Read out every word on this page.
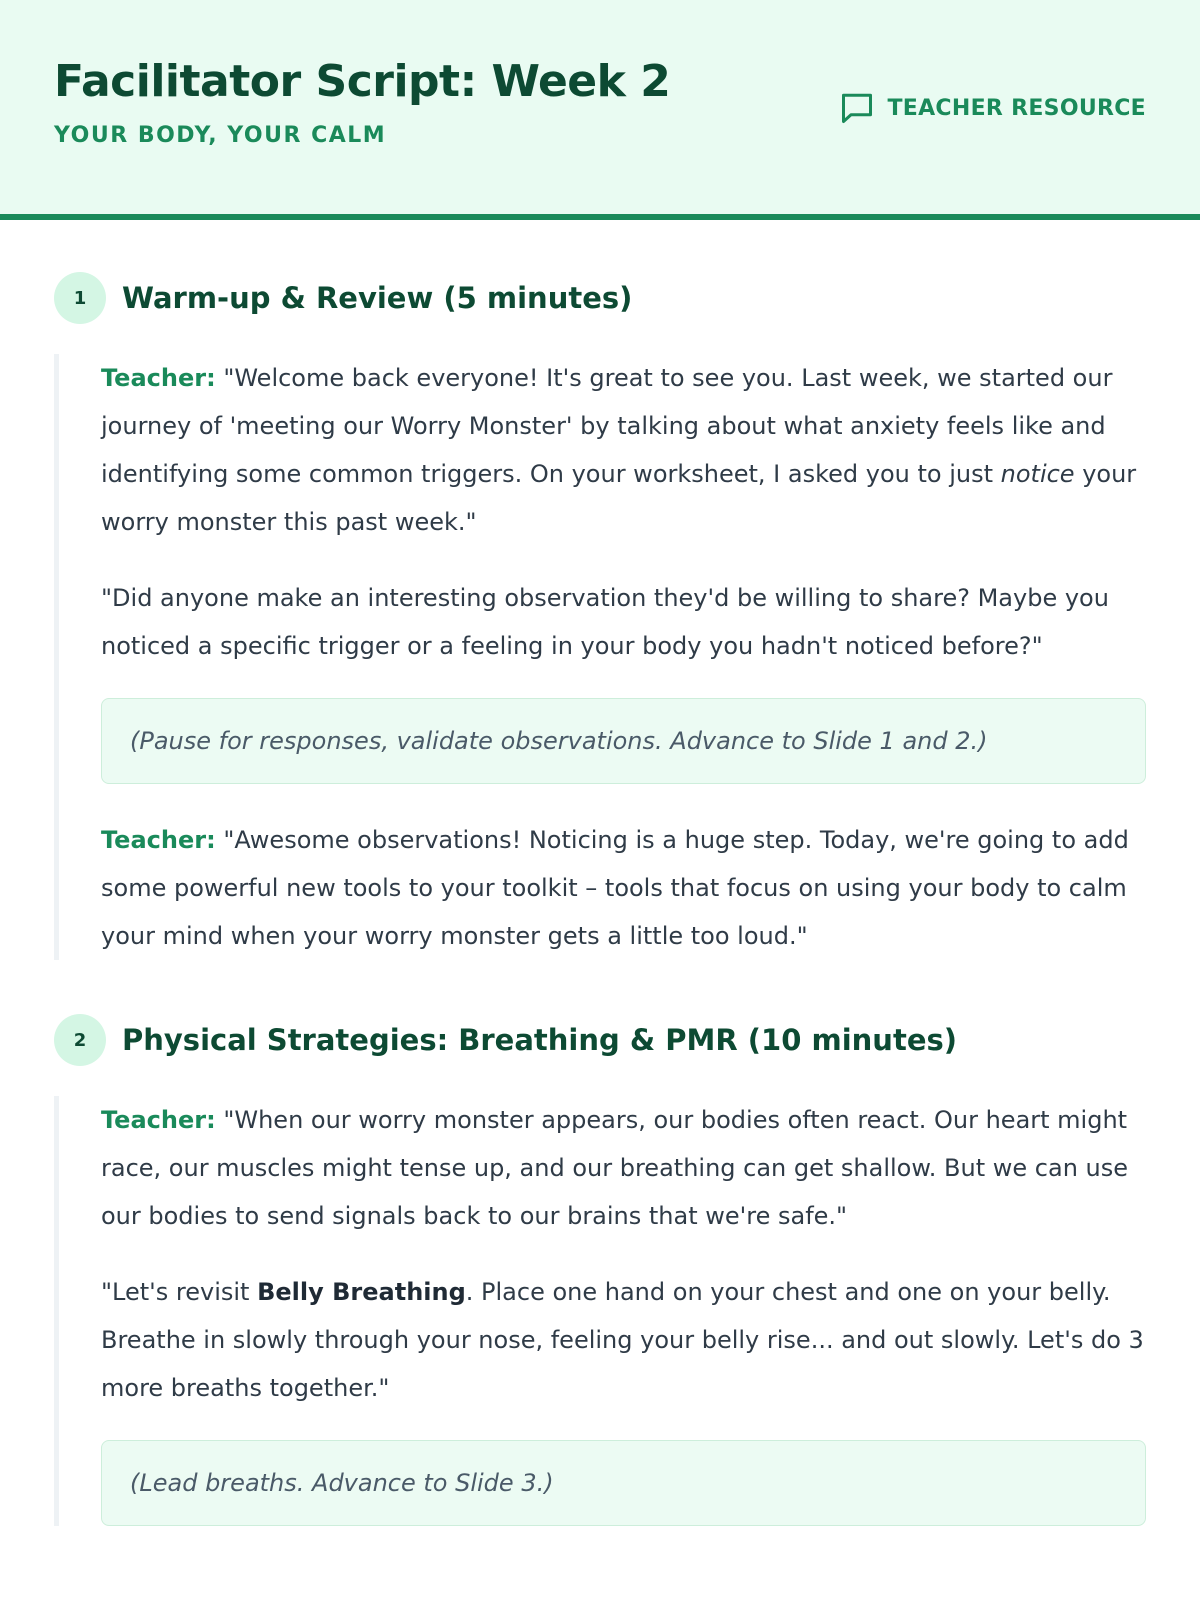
Facilitator Script: Week 2
YOUR BODY, YOUR CALM
TEACHER RESOURCE
1	Warm-up & Review (5 minutes)

Teacher: "Welcome back everyone! It's great to see you. Last week, we started our journey of 'meeting our Worry Monster' by talking about what anxiety feels like and identifying some common triggers. On your worksheet, I asked you to just notice your worry monster this past week."

"Did anyone make an interesting observation they'd be willing to share? Maybe you noticed a specific trigger or a feeling in your body you hadn't noticed before?"

(Pause for responses, validate observations. Advance to Slide 1 and 2.)

Teacher: "Awesome observations! Noticing is a huge step. Today, we're going to add some powerful new tools to your toolkit – tools that focus on using your body to calm your mind when your worry monster gets a little too loud."

2	Physical Strategies: Breathing & PMR (10 minutes)

Teacher: "When our worry monster appears, our bodies often react. Our heart might race, our muscles might tense up, and our breathing can get shallow. But we can use our bodies to send signals back to our brains that we're safe."

"Let's revisit Belly Breathing. Place one hand on your chest and one on your belly. Breathe in slowly through your nose, feeling your belly rise... and out slowly. Let's do 3 more breaths together."

(Lead breaths. Advance to Slide 3.)
